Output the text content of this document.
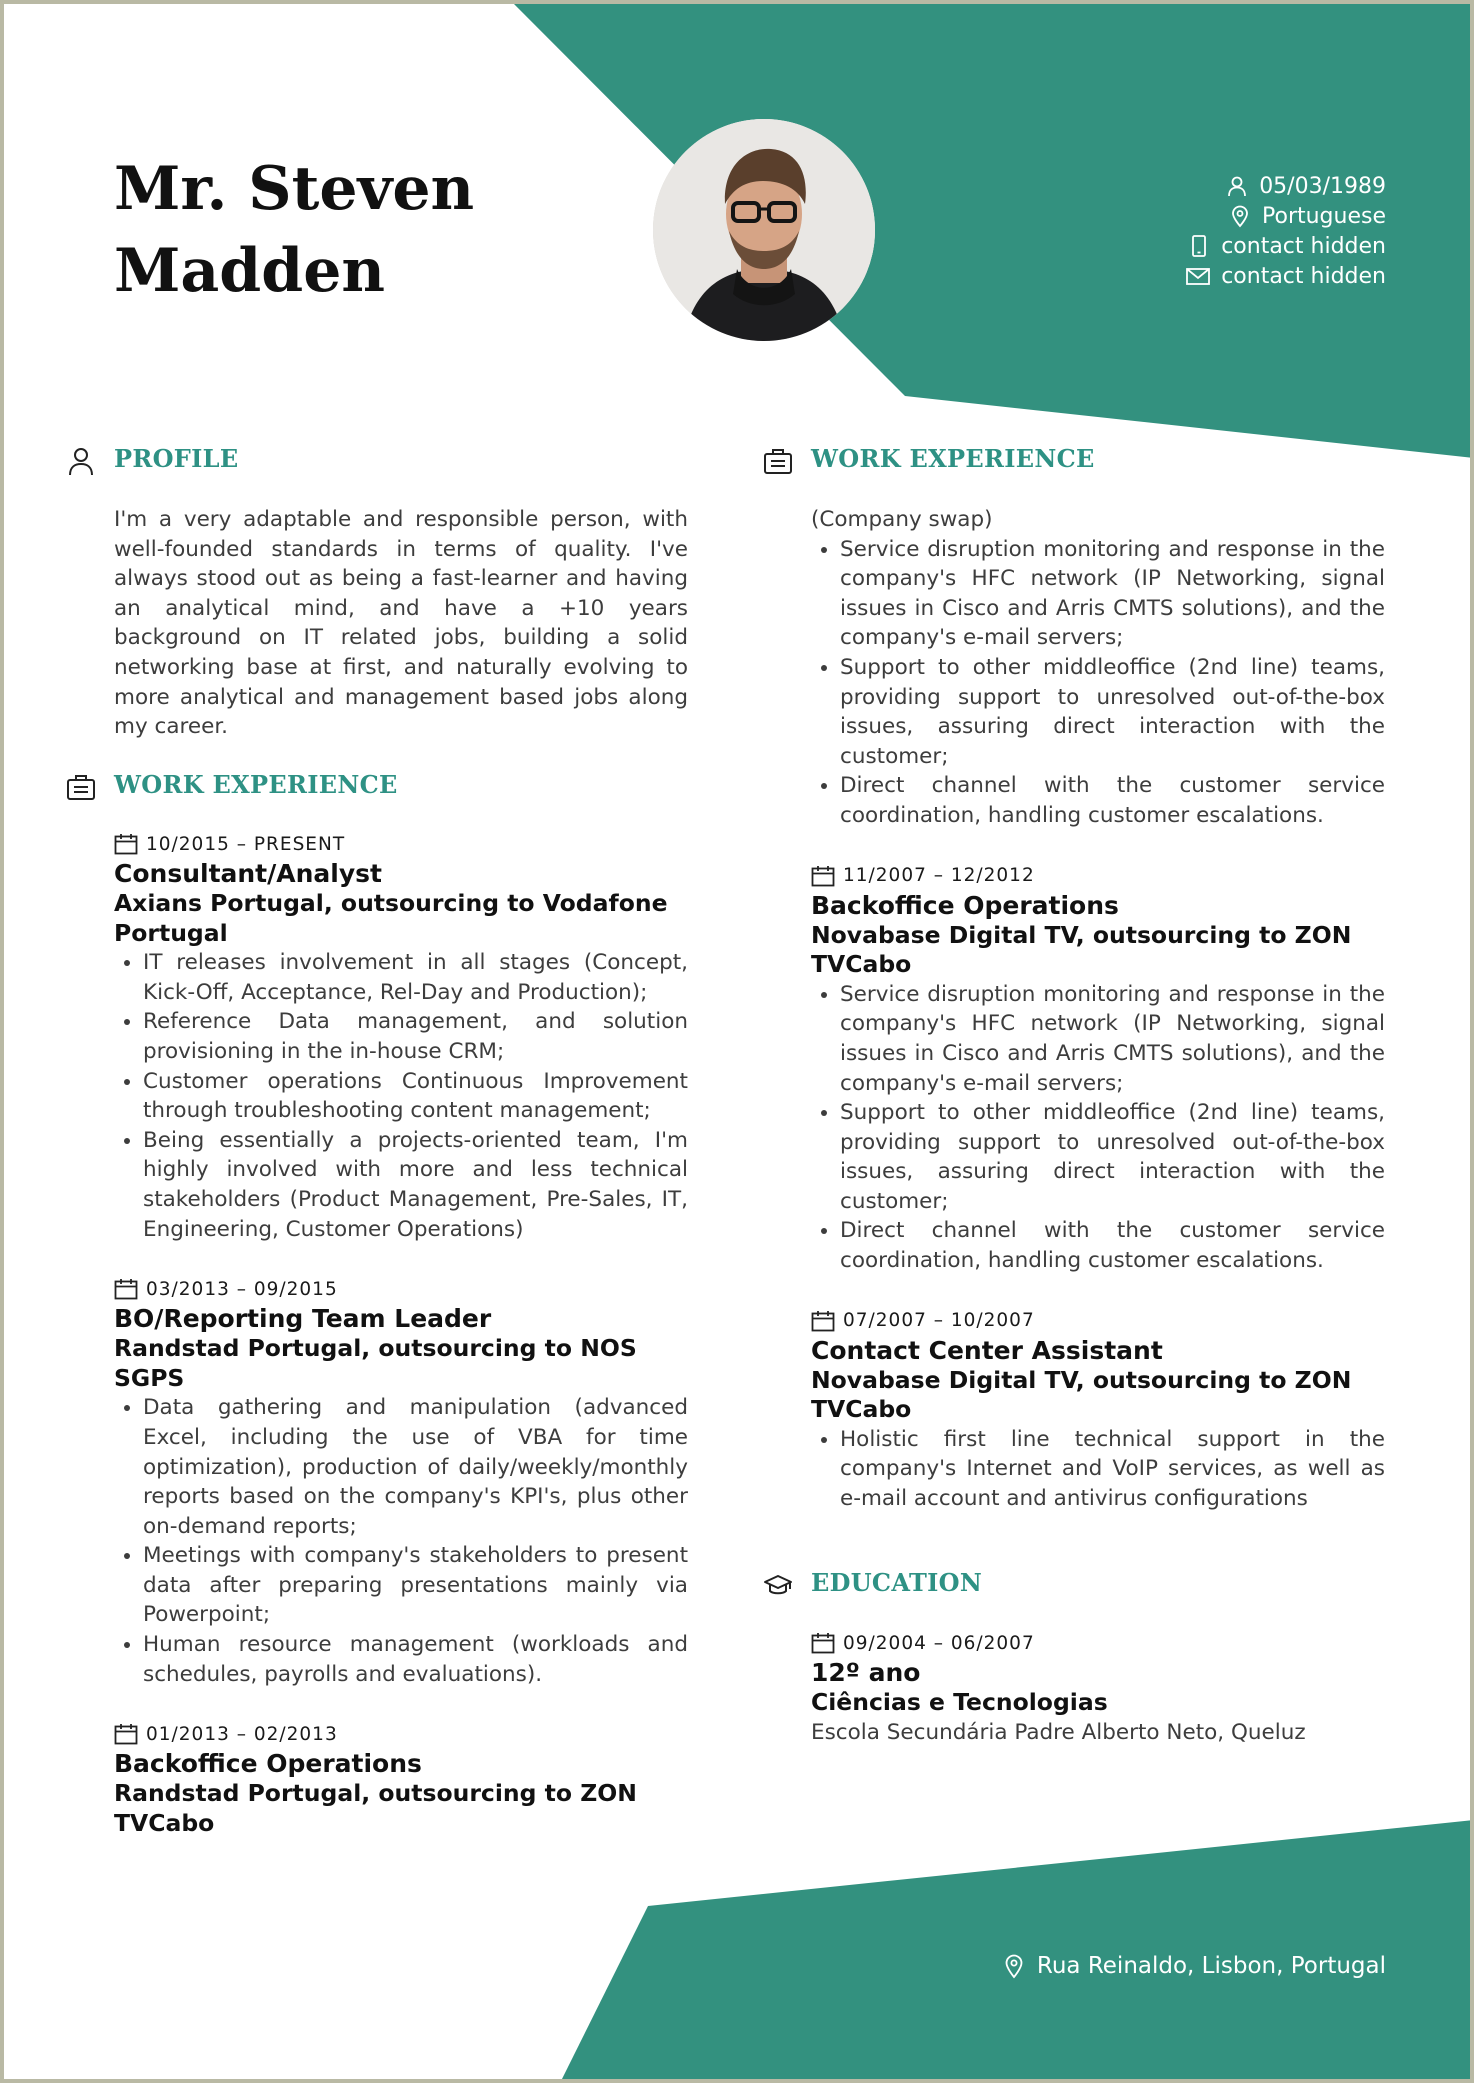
Mr. Steven
Madden
05/03/1989
Portuguese
contact hidden
contact hidden
PROFILE

I'm a very adaptable and responsible person, with well-founded standards in terms of quality. I've always stood out as being a fast-learner and having an analytical mind, and have a +10 years background on IT related jobs, building a solid networking base at first, and naturally evolving to more analytical and management based jobs along my career.

WORK EXPERIENCE
10/2015 – PRESENT
Consultant/Analyst
Axians Portugal, outsourcing to Vodafone Portugal
• IT releases involvement in all stages (Concept, Kick-Off, Acceptance, Rel-Day and Production);
• Reference Data management, and solution provisioning in the in-house CRM;
• Customer operations Continuous Improvement through troubleshooting content management;
• Being essentially a projects-oriented team, I'm highly involved with more and less technical stakeholders (Product Management, Pre-Sales, IT, Engineering, Customer Operations)
03/2013 – 09/2015
BO/Reporting Team Leader
Randstad Portugal, outsourcing to NOS SGPS
• Data gathering and manipulation (advanced Excel, including the use of VBA for time optimization), production of daily/weekly/monthly reports based on the company's KPI's, plus other on-demand reports;
• Meetings with company's stakeholders to present data after preparing presentations mainly via Powerpoint;
• Human resource management (workloads and schedules, payrolls and evaluations).
01/2013 – 02/2013
Backoffice Operations
Randstad Portugal, outsourcing to ZON TVCabo
WORK EXPERIENCE

(Company swap)

• Service disruption monitoring and response in the company's HFC network (IP Networking, signal issues in Cisco and Arris CMTS solutions), and the company's e-mail servers;
• Support to other middleoffice (2nd line) teams, providing support to unresolved out-of-the-box issues, assuring direct interaction with the customer;
• Direct channel with the customer service coordination, handling customer escalations.
11/2007 – 12/2012
Backoffice Operations
Novabase Digital TV, outsourcing to ZON TVCabo
• Service disruption monitoring and response in the company's HFC network (IP Networking, signal issues in Cisco and Arris CMTS solutions), and the company's e-mail servers;
• Support to other middleoffice (2nd line) teams, providing support to unresolved out-of-the-box issues, assuring direct interaction with the customer;
• Direct channel with the customer service coordination, handling customer escalations.
07/2007 – 10/2007
Contact Center Assistant
Novabase Digital TV, outsourcing to ZON TVCabo
• Holistic first line technical support in the company's Internet and VoIP services, as well as e-mail account and antivirus configurations
EDUCATION
09/2004 – 06/2007
12º ano
Ciências e Tecnologias
Escola Secundária Padre Alberto Neto, Queluz
Rua Reinaldo, Lisbon, Portugal
